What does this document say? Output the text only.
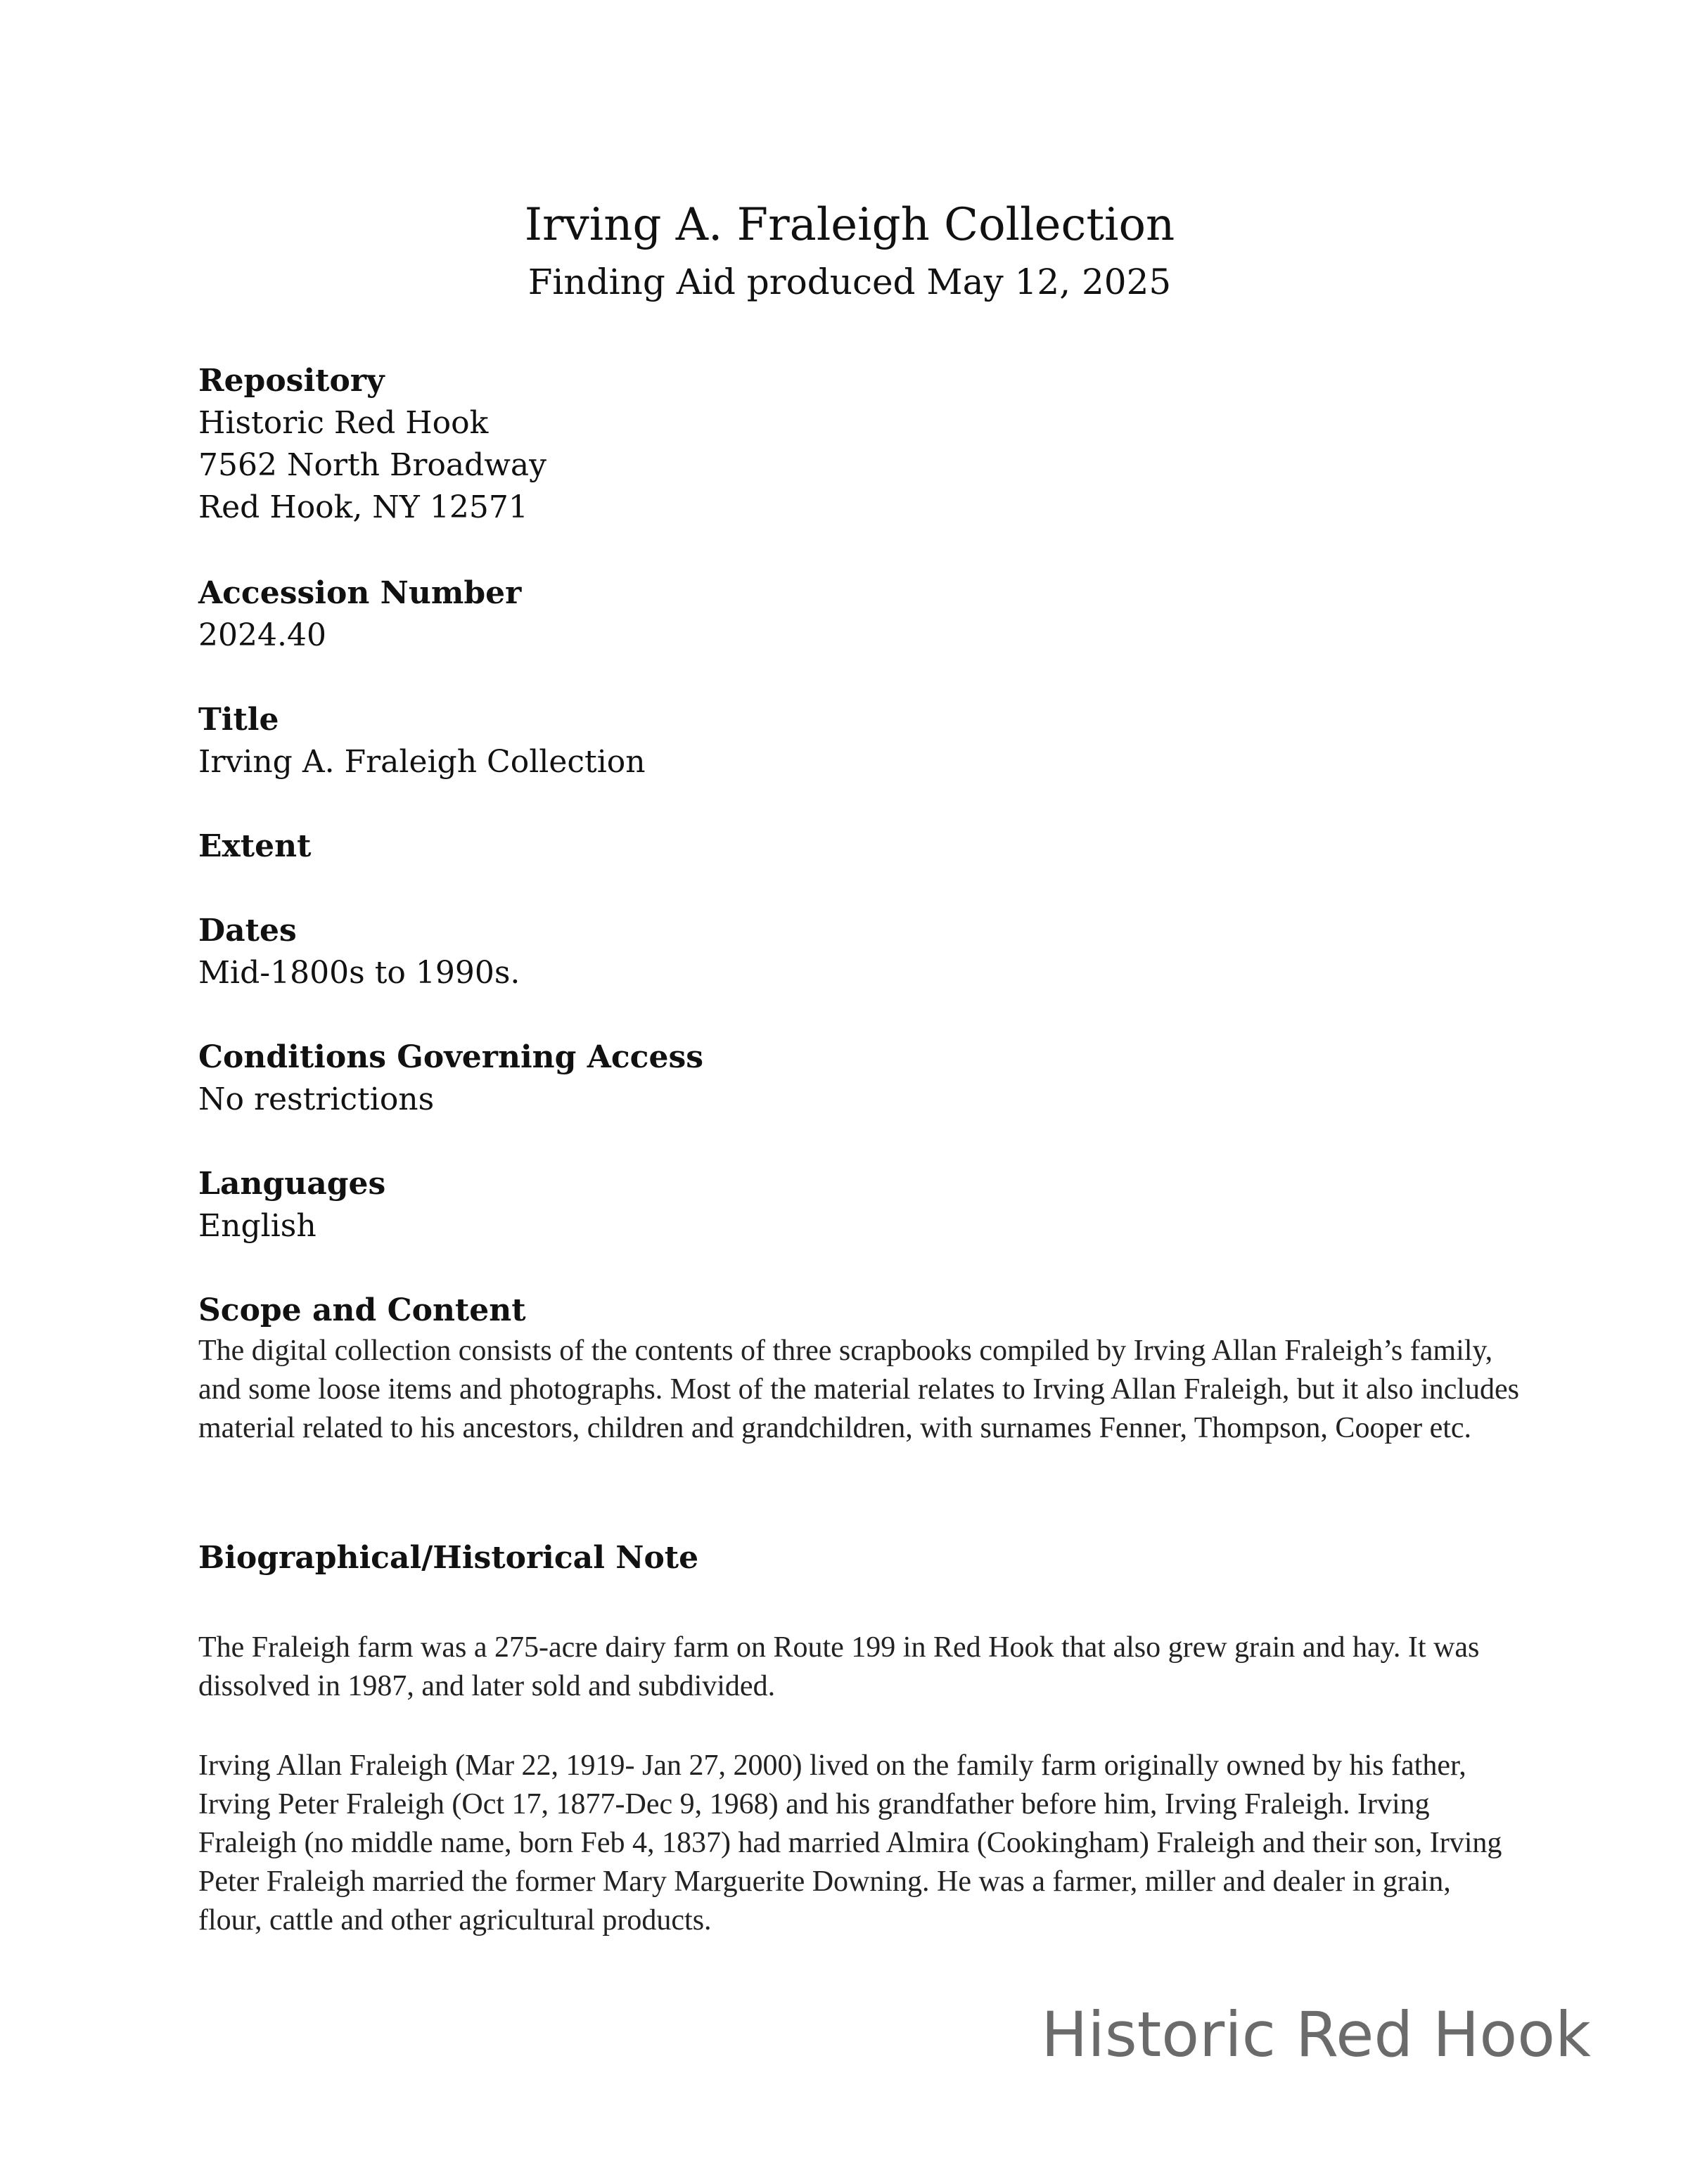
Irving A. Fraleigh Collection
Finding Aid produced May 12, 2025

Repository

Historic Red Hook

7562 North Broadway

Red Hook, NY 12571

Accession Number

2024.40

Title

Irving A. Fraleigh Collection

Extent

Dates

Mid-1800s to 1990s.

Conditions Governing Access

No restrictions

Languages

English

Scope and Content

The digital collection consists of the contents of three scrapbooks compiled by Irving Allan Fraleigh’s family, and some loose items and photographs. Most of the material relates to Irving Allan Fraleigh, but it also includes material related to his ancestors, children and grandchildren, with surnames Fenner, Thompson, Cooper etc.

Biographical/Historical Note

The Fraleigh farm was a 275-acre dairy farm on Route 199 in Red Hook that also grew grain and hay. It was dissolved in 1987, and later sold and subdivided.

Irving Allan Fraleigh (Mar 22, 1919- Jan 27, 2000) lived on the family farm originally owned by his father, Irving Peter Fraleigh (Oct 17, 1877-Dec 9, 1968) and his grandfather before him, Irving Fraleigh. Irving Fraleigh (no middle name, born Feb 4, 1837) had married Almira (Cookingham) Fraleigh and their son, Irving Peter Fraleigh married the former Mary Marguerite Downing. He was a farmer, miller and dealer in grain, flour, cattle and other agricultural products.

Historic Red Hook
